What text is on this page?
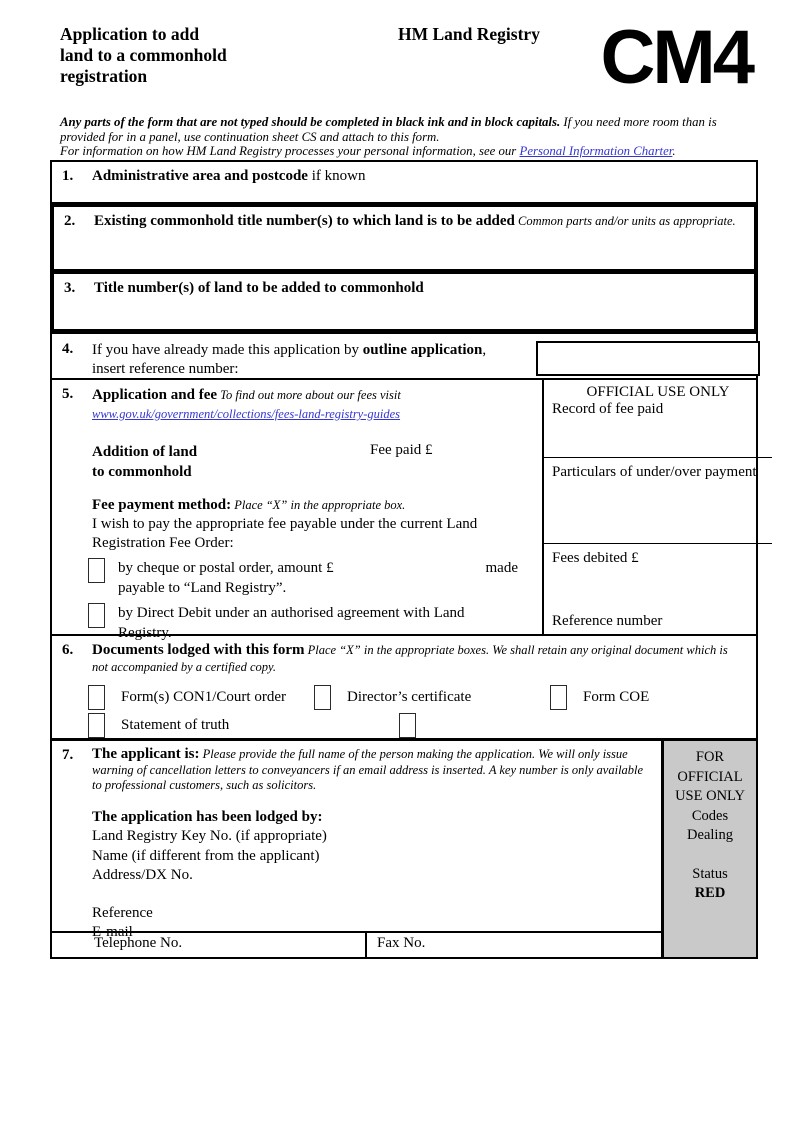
Application to add
land to a commonhold
registration
HM Land Registry CM4
Any parts of the form that are not typed should be completed in black ink and in block capitals. If you need more room than is provided for in a panel, use continuation sheet CS and attach to this form.
For information on how HM Land Registry processes your personal information, see our Personal Information Charter.
1.	Administrative area and postcode if known
2.	Existing commonhold title number(s) to which land is to be added Common parts and/or units as appropriate.
3.	Title number(s) of land to be added to commonhold
4.	If you have already made this application by outline application,
insert reference number:
5.	Application and fee To find out more about our fees visit
www.gov.uk/government/collections/fees-land-registry-guides
Addition of land
to commonhold
Fee paid £
Fee payment method: Place “X” in the appropriate box.
I wish to pay the appropriate fee payable under the current Land Registration Fee Order:
by cheque or postal order, amount £	made
payable to “Land Registry”.
by Direct Debit under an authorised agreement with Land Registry.
OFFICIAL USE ONLY
Record of fee paid
Particulars of under/over payment
Fees debited £
Reference number
6.	Documents lodged with this form Place “X” in the appropriate boxes. We shall retain any original document which is not accompanied by a certified copy.
Form(s) CON1/Court order	Director’s certificate	Form COE
Statement of truth
7.	The applicant is: Please provide the full name of the person making the application. We will only issue warning of cancellation letters to conveyancers if an email address is inserted. A key number is only available to professional customers, such as solicitors.
The application has been lodged by:
Land Registry Key No. (if appropriate)
Name (if different from the applicant)
Address/DX No.
Reference
E-mail
Telephone No.	Fax No.
FOR
OFFICIAL
USE ONLY
Codes
Dealing
Status
RED
